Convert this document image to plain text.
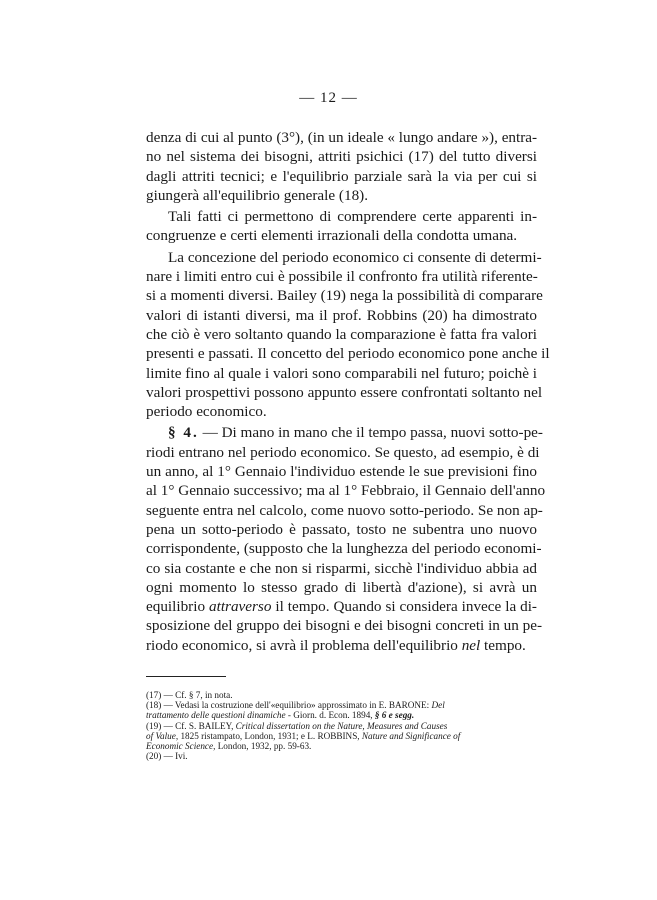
— 12 —
denza di cui al punto (3°), (in un ideale « lungo andare »), entra-
no nel sistema dei bisogni, attriti psichici (17) del tutto diversi
dagli attriti tecnici; e l'equilibrio parziale sarà la via per cui si
giungerà all'equilibrio generale (18).
Tali fatti ci permettono di comprendere certe apparenti in-
congruenze e certi elementi irrazionali della condotta umana.
La concezione del periodo economico ci consente di determi-
nare i limiti entro cui è possibile il confronto fra utilità riferente-
si a momenti diversi. Bailey (19) nega la possibilità di comparare
valori di istanti diversi, ma il prof. Robbins (20) ha dimostrato
che ciò è vero soltanto quando la comparazione è fatta fra valori
presenti e passati. Il concetto del periodo economico pone anche il
limite fino al quale i valori sono comparabili nel futuro; poichè i
valori prospettivi possono appunto essere confrontati soltanto nel
periodo economico.
§ 4. — Di mano in mano che il tempo passa, nuovi sotto-pe-
riodi entrano nel periodo economico. Se questo, ad esempio, è di
un anno, al 1° Gennaio l'individuo estende le sue previsioni fino
al 1° Gennaio successivo; ma al 1° Febbraio, il Gennaio dell'anno
seguente entra nel calcolo, come nuovo sotto-periodo. Se non ap-
pena un sotto-periodo è passato, tosto ne subentra uno nuovo
corrispondente, (supposto che la lunghezza del periodo economi-
co sia costante e che non si risparmi, sicchè l'individuo abbia ad
ogni momento lo stesso grado di libertà d'azione), si avrà un
equilibrio attraverso il tempo. Quando si considera invece la di-
sposizione del gruppo dei bisogni e dei bisogni concreti in un pe-
riodo economico, si avrà il problema dell'equilibrio nel tempo.
(17) — Cf. § 7, in nota.
(18) — Vedasi la costruzione dell'«equilibrio» approssimato in E. BARONE: Del
trattamento delle questioni dinamiche - Giorn. d. Econ. 1894, § 6 e segg.
(19) — Cf. S. BAILEY, Critical dissertation on the Nature, Measures and Causes
of Value, 1825 ristampato, London, 1931; e L. ROBBINS, Nature and Significance of
Economic Science, London, 1932, pp. 59-63.
(20) — Ivi.
